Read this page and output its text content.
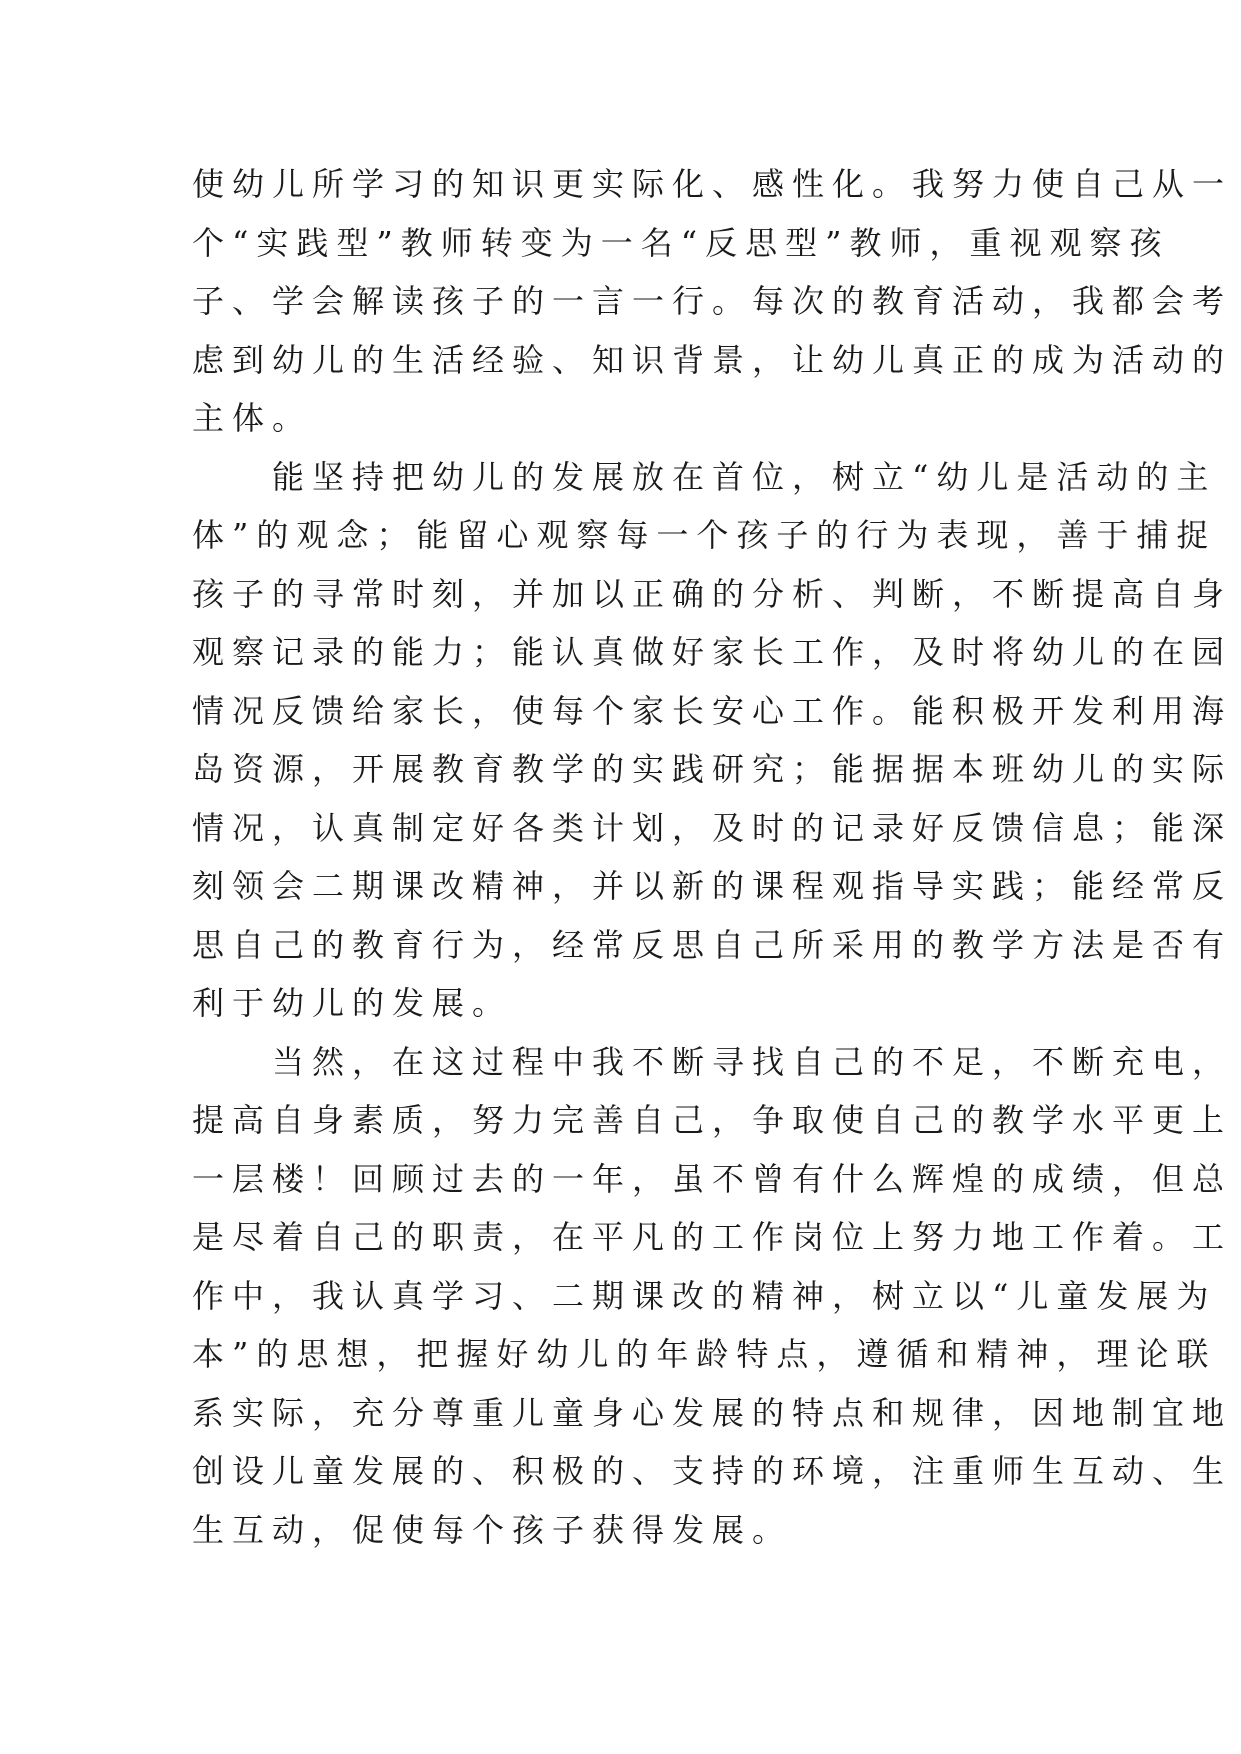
使幼儿所学习的知识更实际化、感性化。我努力使自己从一
个“实践型”教师转变为一名“反思型”教师，重视观察孩
子、学会解读孩子的一言一行。每次的教育活动，我都会考
虑到幼儿的生活经验、知识背景，让幼儿真正的成为活动的
主体。
　　能坚持把幼儿的发展放在首位，树立“幼儿是活动的主
体”的观念；能留心观察每一个孩子的行为表现，善于捕捉
孩子的寻常时刻，并加以正确的分析、判断，不断提高自身
观察记录的能力；能认真做好家长工作，及时将幼儿的在园
情况反馈给家长，使每个家长安心工作。能积极开发利用海
岛资源，开展教育教学的实践研究；能据据本班幼儿的实际
情况，认真制定好各类计划，及时的记录好反馈信息；能深
刻领会二期课改精神，并以新的课程观指导实践；能经常反
思自己的教育行为，经常反思自己所采用的教学方法是否有
利于幼儿的发展。
　　当然，在这过程中我不断寻找自己的不足，不断充电，
提高自身素质，努力完善自己，争取使自己的教学水平更上
一层楼！回顾过去的一年，虽不曾有什么辉煌的成绩，但总
是尽着自己的职责，在平凡的工作岗位上努力地工作着。工
作中，我认真学习、二期课改的精神，树立以“儿童发展为
本”的思想，把握好幼儿的年龄特点，遵循和精神，理论联
系实际，充分尊重儿童身心发展的特点和规律，因地制宜地
创设儿童发展的、积极的、支持的环境，注重师生互动、生
生互动，促使每个孩子获得发展。
